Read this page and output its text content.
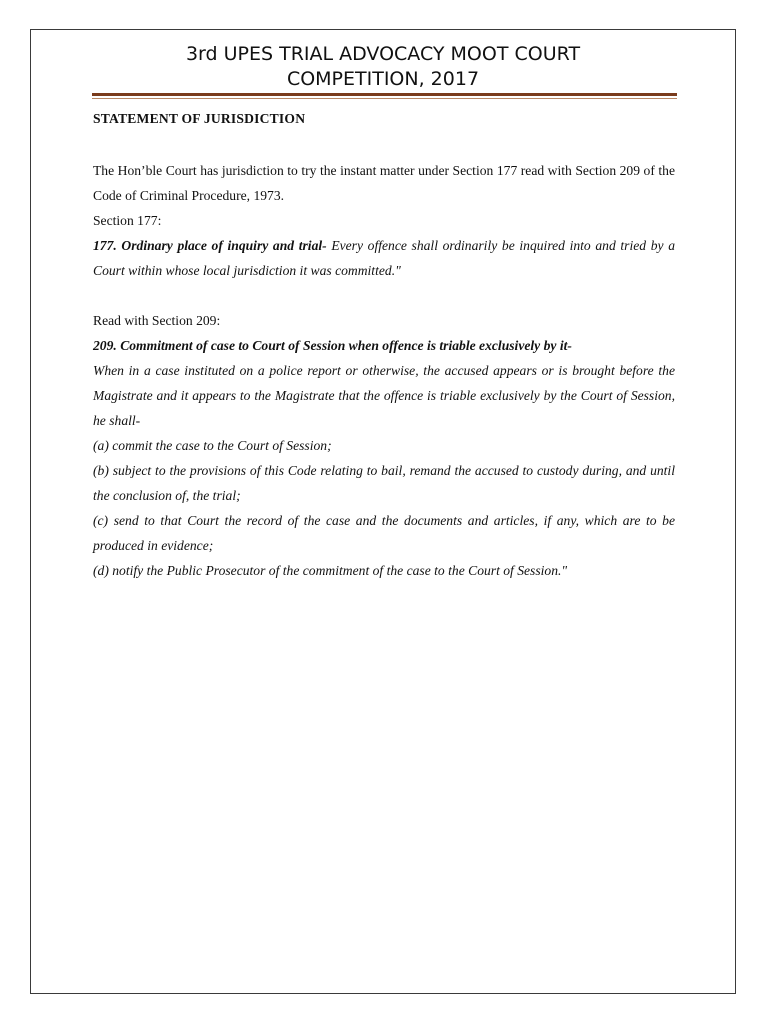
3rd UPES TRIAL ADVOCACY MOOT COURT
COMPETITION, 2017
STATEMENT OF JURISDICTION

The Hon’ble Court has jurisdiction to try the instant matter under Section 177 read with Section 209 of the Code of Criminal Procedure, 1973.

Section 177:

177. Ordinary place of inquiry and trial- Every offence shall ordinarily be inquired into and tried by a Court within whose local jurisdiction it was committed."

Read with Section 209:

209. Commitment of case to Court of Session when offence is triable exclusively by it-

When in a case instituted on a police report or otherwise, the accused appears or is brought before the Magistrate and it appears to the Magistrate that the offence is triable exclusively by the Court of Session, he shall-

(a) commit the case to the Court of Session;

(b) subject to the provisions of this Code relating to bail, remand the accused to custody during, and until the conclusion of, the trial;

(c) send to that Court the record of the case and the documents and articles, if any, which are to be produced in evidence;

(d) notify the Public Prosecutor of the commitment of the case to the Court of Session."
